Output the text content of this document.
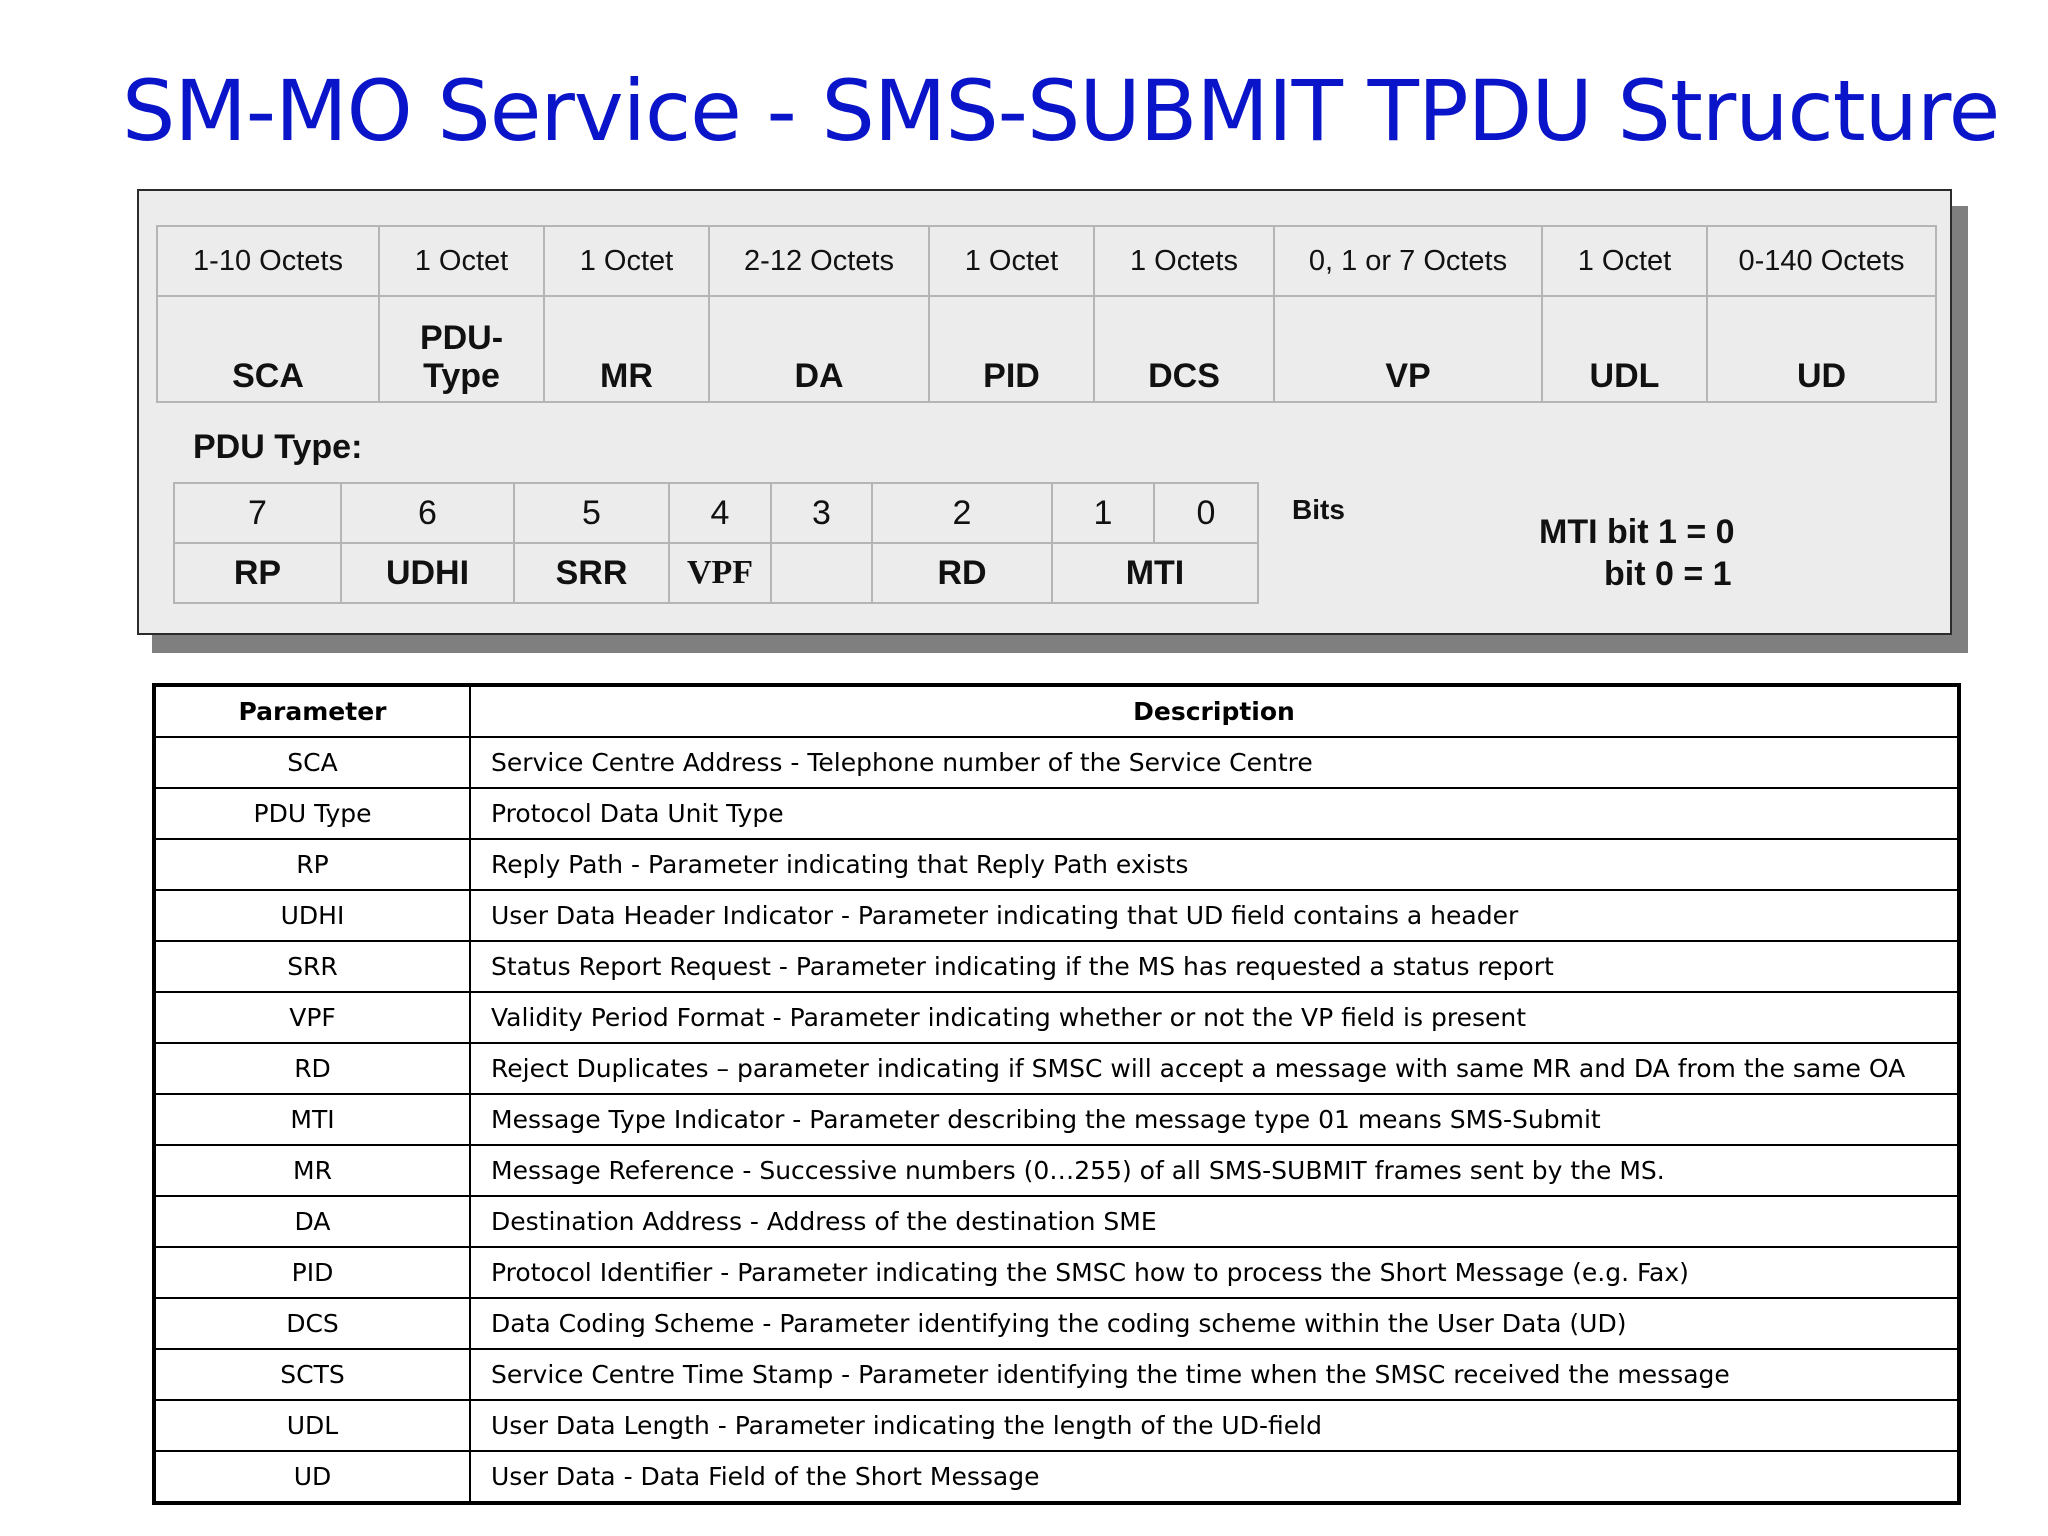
SM-MO Service - SMS-SUBMIT TPDU Structure
1-10 Octets	1 Octet	1 Octet	2-12 Octets	1 Octet	1 Octets	0, 1 or 7 Octets	1 Octet	0-140 Octets
SCA	PDU-Type	MR	DA	PID	DCS	VP	UDL	UD
PDU Type:
7	6	5	4	3	2	1	0
RP	UDHI	SRR	VPF		RD	MTI	
Bits
MTI bit 1 = 0
bit 0 = 1
Parameter	Description
SCA	Service Centre Address - Telephone number of the Service Centre
PDU Type	Protocol Data Unit Type
RP	Reply Path - Parameter indicating that Reply Path exists
UDHI	User Data Header Indicator - Parameter indicating that UD field contains a header
SRR	Status Report Request - Parameter indicating if the MS has requested a status report
VPF	Validity Period Format - Parameter indicating whether or not the VP field is present
RD	Reject Duplicates – parameter indicating if SMSC will accept a message with same MR and DA from the same OA
MTI	Message Type Indicator - Parameter describing the message type 01 means SMS-Submit
MR	Message Reference - Successive numbers (0…255) of all SMS-SUBMIT frames sent by the MS.
DA	Destination Address - Address of the destination SME
PID	Protocol Identifier - Parameter indicating the SMSC how to process the Short Message (e.g. Fax)
DCS	Data Coding Scheme - Parameter identifying the coding scheme within the User Data (UD)
SCTS	Service Centre Time Stamp - Parameter identifying the time when the SMSC received the message
UDL	User Data Length - Parameter indicating the length of the UD-field
UD	User Data - Data Field of the Short Message
